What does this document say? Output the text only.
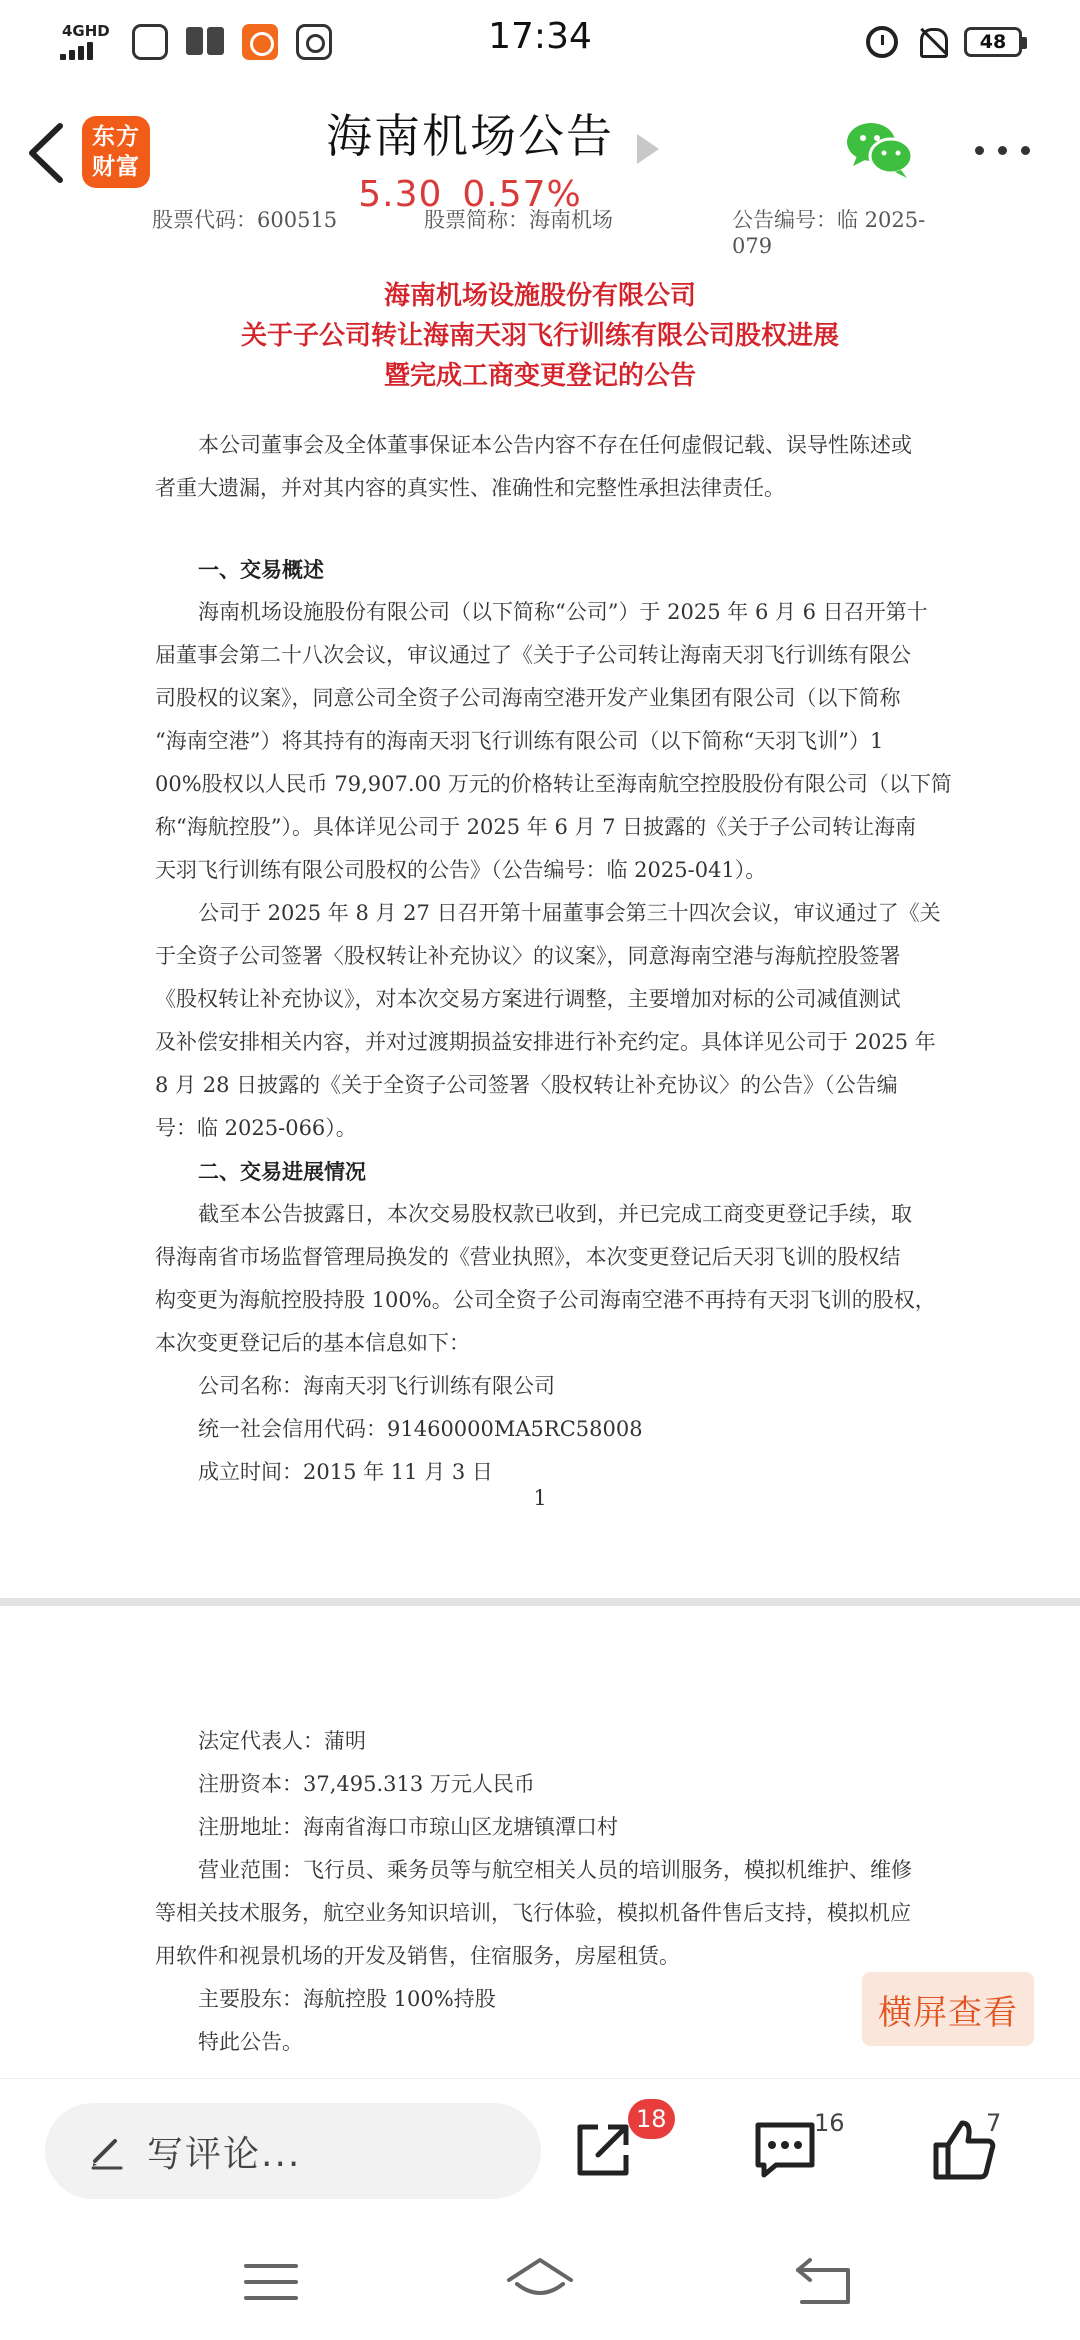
4GHD	17:34	48
东方
财富
海南机场公告
5.30 0.57%
股票代码：600515	股票简称：海南机场	公告编号：临 2025-079
海南机场设施股份有限公司
关于子公司转让海南天羽飞行训练有限公司股权进展
暨完成工商变更登记的公告
本公司董事会及全体董事保证本公告内容不存在任何虚假记载、误导性陈述或
者重大遗漏，并对其内容的真实性、准确性和完整性承担法律责任。
一、交易概述
海南机场设施股份有限公司（以下简称“公司”）于 2025 年 6 月 6 日召开第十
届董事会第二十八次会议，审议通过了《关于子公司转让海南天羽飞行训练有限公
司股权的议案》，同意公司全资子公司海南空港开发产业集团有限公司（以下简称
“海南空港”）将其持有的海南天羽飞行训练有限公司（以下简称“天羽飞训”）1
00%股权以人民币 79,907.00 万元的价格转让至海南航空控股股份有限公司（以下简
称“海航控股”）。具体详见公司于 2025 年 6 月 7 日披露的《关于子公司转让海南
天羽飞行训练有限公司股权的公告》（公告编号：临 2025-041）。
公司于 2025 年 8 月 27 日召开第十届董事会第三十四次会议，审议通过了《关
于全资子公司签署〈股权转让补充协议〉的议案》，同意海南空港与海航控股签署
《股权转让补充协议》，对本次交易方案进行调整，主要增加对标的公司减值测试
及补偿安排相关内容，并对过渡期损益安排进行补充约定。具体详见公司于 2025 年
8 月 28 日披露的《关于全资子公司签署〈股权转让补充协议〉的公告》（公告编
号：临 2025-066）。
二、交易进展情况
截至本公告披露日，本次交易股权款已收到，并已完成工商变更登记手续，取
得海南省市场监督管理局换发的《营业执照》，本次变更登记后天羽飞训的股权结
构变更为海航控股持股 100%。公司全资子公司海南空港不再持有天羽飞训的股权，
本次变更登记后的基本信息如下：
公司名称：海南天羽飞行训练有限公司
统一社会信用代码：91460000MA5RC58008
成立时间：2015 年 11 月 3 日
1
法定代表人：蒲明
注册资本：37,495.313 万元人民币
注册地址：海南省海口市琼山区龙塘镇潭口村
营业范围：飞行员、乘务员等与航空相关人员的培训服务，模拟机维护、维修
等相关技术服务，航空业务知识培训，飞行体验，模拟机备件售后支持，模拟机应
用软件和视景机场的开发及销售，住宿服务，房屋租赁。
主要股东：海航控股 100%持股
特此公告。
横屏查看
写评论...
18	16	7
